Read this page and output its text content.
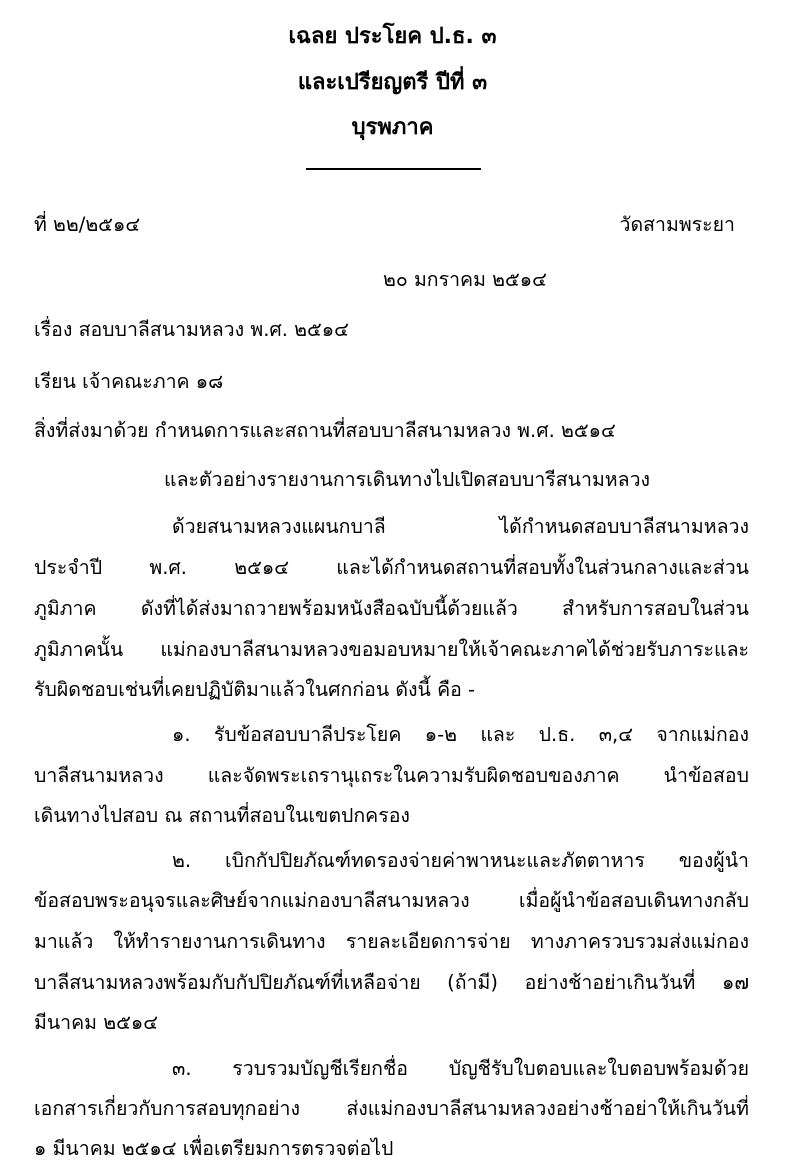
เฉลย ประโยค ป.ธ. ๓
และเปรียญตรี ปีที่ ๓
บุรพภาค
ที่ ๒๒/๒๕๑๔	วัดสามพระยา
๒๐ มกราคม ๒๕๑๔
เรื่อง สอบบาลีสนามหลวง พ.ศ. ๒๕๑๔
เรียน เจ้าคณะภาค ๑๘
สิ่งที่ส่งมาด้วย กำหนดการและสถานที่สอบบาลีสนามหลวง พ.ศ. ๒๕๑๔
และตัวอย่างรายงานการเดินทางไปเปิดสอบบารีสนามหลวง
ด้วยสนามหลวงแผนกบาลี ได้กำหนดสอบบาลีสนามหลวง
ประจำปี พ.ศ. ๒๕๑๔ และได้กำหนดสถานที่สอบทั้งในส่วนกลางและส่วน
ภูมิภาค ดังที่ได้ส่งมาถวายพร้อมหนังสือฉบับนี้ด้วยแล้ว สำหรับการสอบในส่วน
ภูมิภาคนั้น แม่กองบาลีสนามหลวงขอมอบหมายให้เจ้าคณะภาคได้ช่วยรับภาระและ
รับผิดชอบเช่นที่เคยปฏิบัติมาแล้วในศกก่อน ดังนี้ คือ -
๑. รับข้อสอบบาลีประโยค ๑-๒ และ ป.ธ. ๓,๔ จากแม่กอง
บาลีสนามหลวง และจัดพระเถรานุเถระในความรับผิดชอบของภาค นำข้อสอบ
เดินทางไปสอบ ณ สถานที่สอบในเขตปกครอง
๒. เบิกกัปปิยภัณฑ์ทดรองจ่ายค่าพาหนะและภัตตาหาร ของผู้นำ
ข้อสอบพระอนุจรและศิษย์จากแม่กองบาลีสนามหลวง เมื่อผู้นำข้อสอบเดินทางกลับ
มาแล้ว ให้ทำรายงานการเดินทาง รายละเอียดการจ่าย ทางภาครวบรวมส่งแม่กอง
บาลีสนามหลวงพร้อมกับกัปปิยภัณฑ์ที่เหลือจ่าย (ถ้ามี) อย่างช้าอย่าเกินวันที่ ๑๗
มีนาคม ๒๕๑๔
๓. รวบรวมบัญชีเรียกชื่อ บัญชีรับใบตอบและใบตอบพร้อมด้วย
เอกสารเกี่ยวกับการสอบทุกอย่าง ส่งแม่กองบาลีสนามหลวงอย่างช้าอย่าให้เกินวันที่
๑ มีนาคม ๒๕๑๔ เพื่อเตรียมการตรวจต่อไป
